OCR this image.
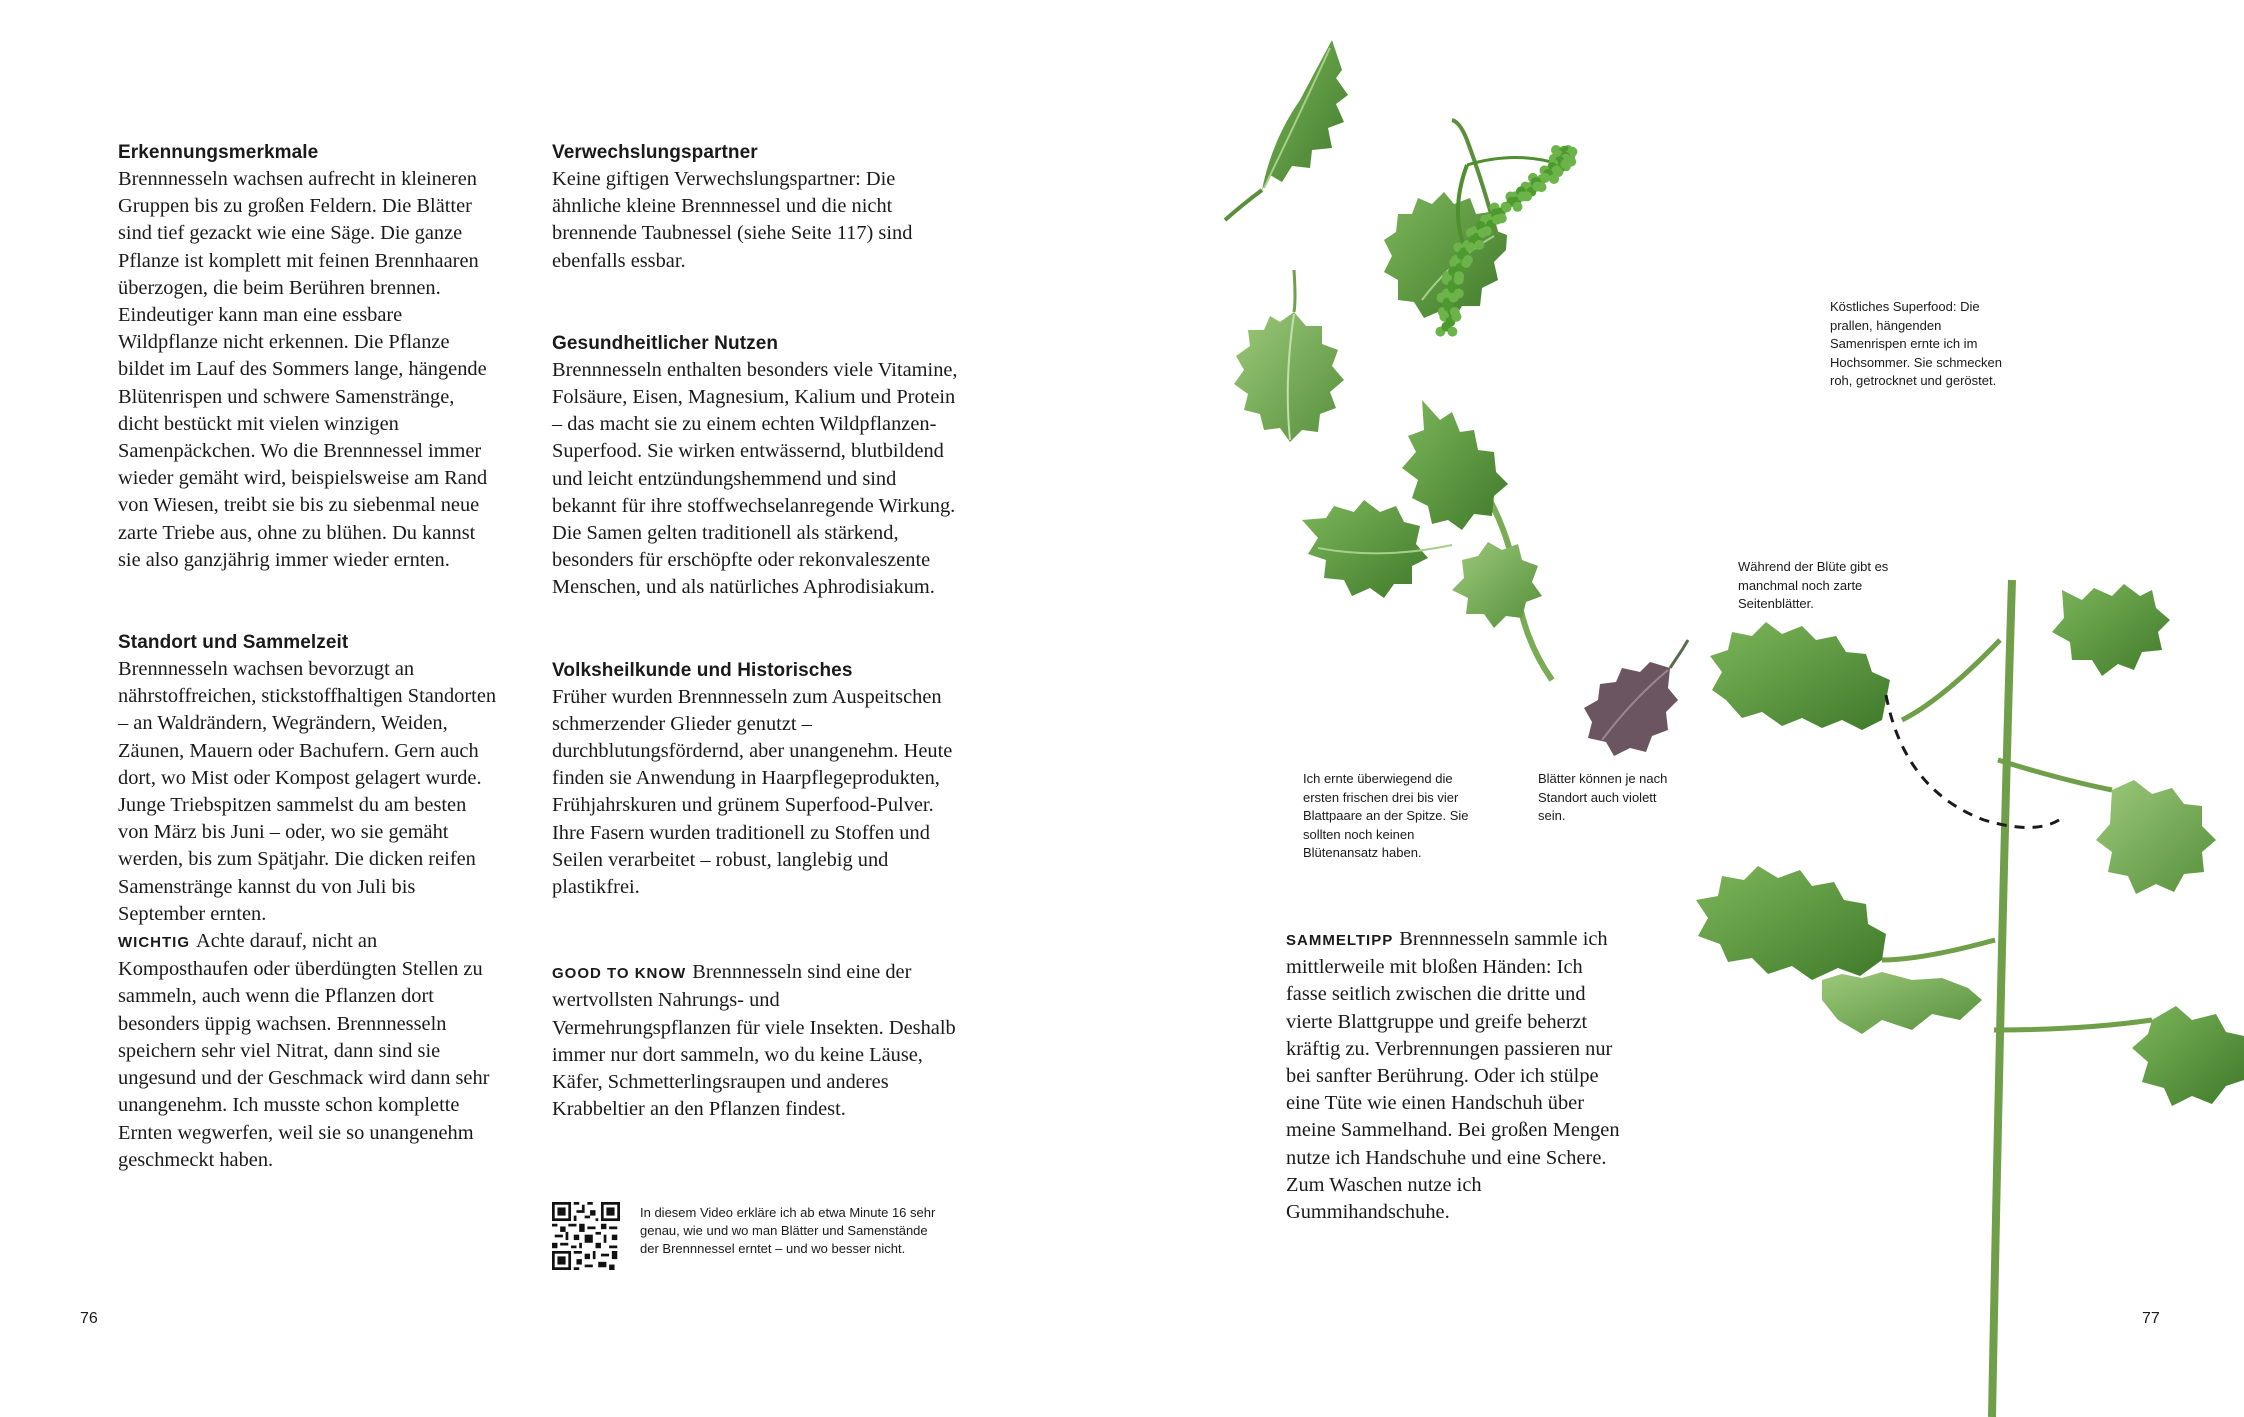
Erkennungsmerkmale

Brennnesseln wachsen aufrecht in kleineren Gruppen bis zu großen Feldern. Die Blätter sind tief gezackt wie eine Säge. Die ganze Pflanze ist komplett mit feinen Brennhaaren überzogen, die beim Berühren brennen. Eindeutiger kann man eine essbare Wildpflanze nicht erkennen. Die Pflanze bildet im Lauf des Sommers lange, hängende Blütenrispen und schwere Samenstränge, dicht bestückt mit vielen winzigen Samenpäckchen. Wo die Brennnessel immer wieder gemäht wird, beispielsweise am Rand von Wiesen, treibt sie bis zu siebenmal neue zarte Triebe aus, ohne zu blühen. Du kannst sie also ganzjährig immer wieder ernten.

Standort und Sammelzeit

Brennnesseln wachsen bevorzugt an nährstoffreichen, stickstoffhaltigen Standorten – an Waldrändern, Wegrändern, Weiden, Zäunen, Mauern oder Bachufern. Gern auch dort, wo Mist oder Kompost gelagert wurde. Junge Triebspitzen sammelst du am besten von März bis Juni – oder, wo sie gemäht werden, bis zum Spätjahr. Die dicken reifen Samenstränge kannst du von Juli bis September ernten.

WICHTIG Achte darauf, nicht an Komposthaufen oder überdüngten Stellen zu sammeln, auch wenn die Pflanzen dort besonders üppig wachsen. Brennnesseln speichern sehr viel Nitrat, dann sind sie ungesund und der Geschmack wird dann sehr unangenehm. Ich musste schon komplette Ernten wegwerfen, weil sie so unangenehm geschmeckt haben.

Verwechslungspartner

Keine giftigen Verwechslungspartner: Die ähnliche kleine Brennnessel und die nicht brennende Taubnessel (siehe Seite 117) sind ebenfalls essbar.

Gesundheitlicher Nutzen

Brennnesseln enthalten besonders viele Vitamine, Folsäure, Eisen, Magnesium, Kalium und Protein – das macht sie zu einem echten Wildpflanzen-Superfood. Sie wirken entwässernd, blutbildend und leicht entzündungshemmend und sind bekannt für ihre stoffwechselanregende Wirkung. Die Samen gelten traditionell als stärkend, besonders für erschöpfte oder rekonvaleszente Menschen, und als natürliches Aphrodisiakum.

Volksheilkunde und Historisches

Früher wurden Brennnesseln zum Auspeitschen schmerzender Glieder genutzt – durchblutungsfördernd, aber unangenehm. Heute finden sie Anwendung in Haarpflegeprodukten, Frühjahrskuren und grünem Superfood-Pulver. Ihre Fasern wurden traditionell zu Stoffen und Seilen verarbeitet – robust, langlebig und plastikfrei.

GOOD TO KNOW Brennnesseln sind eine der wertvollsten Nahrungs- und Vermehrungspflanzen für viele Insekten. Deshalb immer nur dort sammeln, wo du keine Läuse, Käfer, Schmetterlingsraupen und anderes Krabbeltier an den Pflanzen findest.

In diesem Video erkläre ich ab etwa Minute 16 sehr genau, wie und wo man Blätter und Samenstände der Brennnessel erntet – und wo besser nicht.
76
Köstliches Superfood: Die prallen, hängenden Samenrispen ernte ich im Hochsommer. Sie schmecken roh, getrocknet und geröstet.
Während der Blüte gibt es manchmal noch zarte Seitenblätter.
Ich ernte überwiegend die ersten frischen drei bis vier Blattpaare an der Spitze. Sie sollten noch keinen Blütenansatz haben.
Blätter können je nach Standort auch violett sein.

SAMMELTIPP Brennnesseln sammle ich mittlerweile mit bloßen Händen: Ich fasse seitlich zwischen die dritte und vierte Blattgruppe und greife beherzt kräftig zu. Verbrennungen passieren nur bei sanfter Berührung. Oder ich stülpe eine Tüte wie einen Handschuh über meine Sammelhand. Bei großen Mengen nutze ich Handschuhe und eine Schere. Zum Waschen nutze ich Gummihandschuhe.

77
